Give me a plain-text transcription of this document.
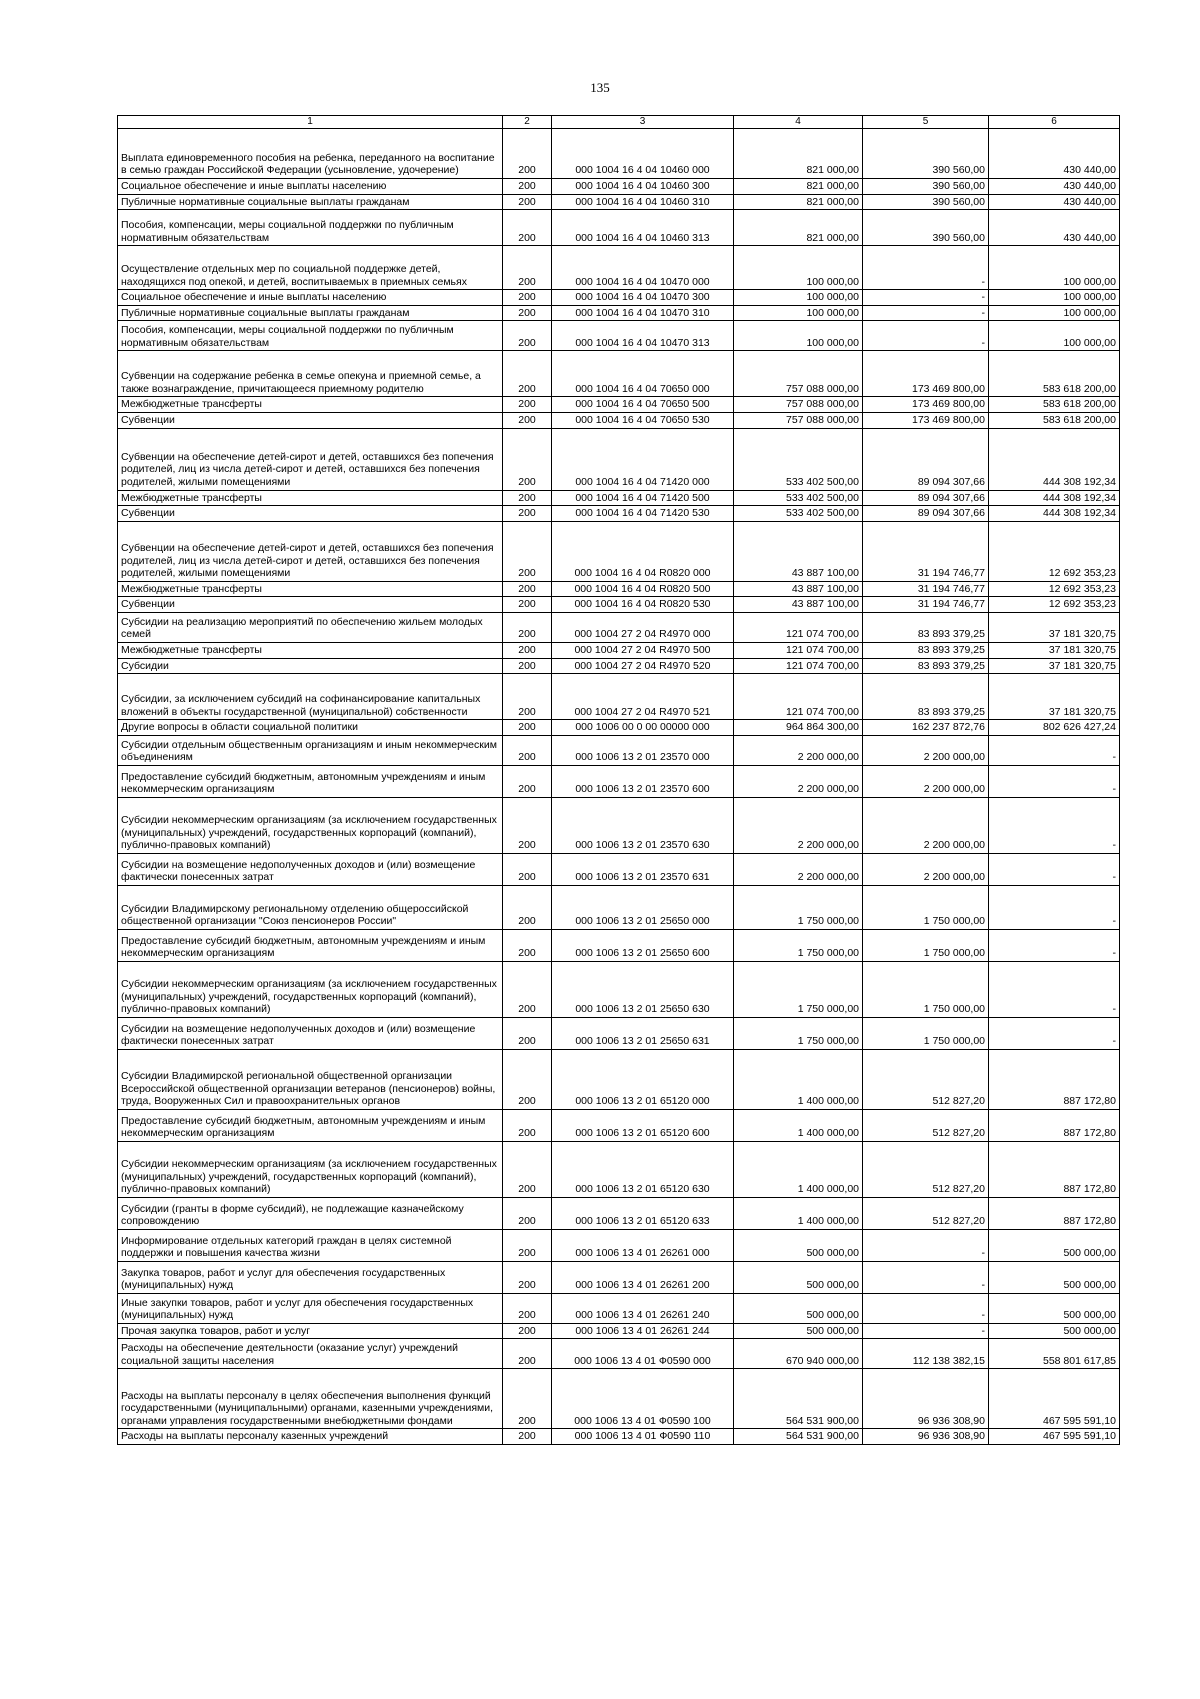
135
1	2	3	4	5	6
Выплата единовременного пособия на ребенка, переданного на воспитание в семью граждан Российской Федерации (усыновление, удочерение)	200	000 1004 16 4 04 10460 000	821 000,00	390 560,00	430 440,00
Социальное обеспечение и иные выплаты населению	200	000 1004 16 4 04 10460 300	821 000,00	390 560,00	430 440,00
Публичные нормативные социальные выплаты гражданам	200	000 1004 16 4 04 10460 310	821 000,00	390 560,00	430 440,00
Пособия, компенсации, меры социальной поддержки по публичным нормативным обязательствам	200	000 1004 16 4 04 10460 313	821 000,00	390 560,00	430 440,00
Осуществление отдельных мер по социальной поддержке детей, находящихся под опекой, и детей, воспитываемых в приемных семьях	200	000 1004 16 4 04 10470 000	100 000,00	-	100 000,00
Социальное обеспечение и иные выплаты населению	200	000 1004 16 4 04 10470 300	100 000,00	-	100 000,00
Публичные нормативные социальные выплаты гражданам	200	000 1004 16 4 04 10470 310	100 000,00	-	100 000,00
Пособия, компенсации, меры социальной поддержки по публичным нормативным обязательствам	200	000 1004 16 4 04 10470 313	100 000,00	-	100 000,00
Субвенции на содержание ребенка в семье опекуна и приемной семье, а также вознаграждение, причитающееся приемному родителю	200	000 1004 16 4 04 70650 000	757 088 000,00	173 469 800,00	583 618 200,00
Межбюджетные трансферты	200	000 1004 16 4 04 70650 500	757 088 000,00	173 469 800,00	583 618 200,00
Субвенции	200	000 1004 16 4 04 70650 530	757 088 000,00	173 469 800,00	583 618 200,00
Субвенции на обеспечение детей-сирот и детей, оставшихся без попечения родителей, лиц из числа детей-сирот и детей, оставшихся без попечения родителей, жилыми помещениями	200	000 1004 16 4 04 71420 000	533 402 500,00	89 094 307,66	444 308 192,34
Межбюджетные трансферты	200	000 1004 16 4 04 71420 500	533 402 500,00	89 094 307,66	444 308 192,34
Субвенции	200	000 1004 16 4 04 71420 530	533 402 500,00	89 094 307,66	444 308 192,34
Субвенции на обеспечение детей-сирот и детей, оставшихся без попечения родителей, лиц из числа детей-сирот и детей, оставшихся без попечения родителей, жилыми помещениями	200	000 1004 16 4 04 R0820 000	43 887 100,00	31 194 746,77	12 692 353,23
Межбюджетные трансферты	200	000 1004 16 4 04 R0820 500	43 887 100,00	31 194 746,77	12 692 353,23
Субвенции	200	000 1004 16 4 04 R0820 530	43 887 100,00	31 194 746,77	12 692 353,23
Субсидии на реализацию мероприятий по обеспечению жильем молодых семей	200	000 1004 27 2 04 R4970 000	121 074 700,00	83 893 379,25	37 181 320,75
Межбюджетные трансферты	200	000 1004 27 2 04 R4970 500	121 074 700,00	83 893 379,25	37 181 320,75
Субсидии	200	000 1004 27 2 04 R4970 520	121 074 700,00	83 893 379,25	37 181 320,75
Субсидии, за исключением субсидий на софинансирование капитальных вложений в объекты государственной (муниципальной) собственности	200	000 1004 27 2 04 R4970 521	121 074 700,00	83 893 379,25	37 181 320,75
Другие вопросы в области социальной политики	200	000 1006 00 0 00 00000 000	964 864 300,00	162 237 872,76	802 626 427,24
Субсидии отдельным общественным организациям и иным некоммерческим объединениям	200	000 1006 13 2 01 23570 000	2 200 000,00	2 200 000,00	-
Предоставление субсидий бюджетным, автономным учреждениям и иным некоммерческим организациям	200	000 1006 13 2 01 23570 600	2 200 000,00	2 200 000,00	-
Субсидии некоммерческим организациям (за исключением государственных (муниципальных) учреждений, государственных корпораций (компаний), публично-правовых компаний)	200	000 1006 13 2 01 23570 630	2 200 000,00	2 200 000,00	-
Субсидии на возмещение недополученных доходов и (или) возмещение фактически понесенных затрат	200	000 1006 13 2 01 23570 631	2 200 000,00	2 200 000,00	-
Субсидии Владимирскому региональному отделению общероссийской общественной организации "Союз пенсионеров России"	200	000 1006 13 2 01 25650 000	1 750 000,00	1 750 000,00	-
Предоставление субсидий бюджетным, автономным учреждениям и иным некоммерческим организациям	200	000 1006 13 2 01 25650 600	1 750 000,00	1 750 000,00	-
Субсидии некоммерческим организациям (за исключением государственных (муниципальных) учреждений, государственных корпораций (компаний), публично-правовых компаний)	200	000 1006 13 2 01 25650 630	1 750 000,00	1 750 000,00	-
Субсидии на возмещение недополученных доходов и (или) возмещение фактически понесенных затрат	200	000 1006 13 2 01 25650 631	1 750 000,00	1 750 000,00	-
Субсидии Владимирской региональной общественной организации Всероссийской общественной организации ветеранов (пенсионеров) войны, труда, Вооруженных Сил и правоохранительных органов	200	000 1006 13 2 01 65120 000	1 400 000,00	512 827,20	887 172,80
Предоставление субсидий бюджетным, автономным учреждениям и иным некоммерческим организациям	200	000 1006 13 2 01 65120 600	1 400 000,00	512 827,20	887 172,80
Субсидии некоммерческим организациям (за исключением государственных (муниципальных) учреждений, государственных корпораций (компаний), публично-правовых компаний)	200	000 1006 13 2 01 65120 630	1 400 000,00	512 827,20	887 172,80
Субсидии (гранты в форме субсидий), не подлежащие казначейскому сопровождению	200	000 1006 13 2 01 65120 633	1 400 000,00	512 827,20	887 172,80
Информирование отдельных категорий граждан в целях системной поддержки и повышения качества жизни	200	000 1006 13 4 01 26261 000	500 000,00	-	500 000,00
Закупка товаров, работ и услуг для обеспечения государственных (муниципальных) нужд	200	000 1006 13 4 01 26261 200	500 000,00	-	500 000,00
Иные закупки товаров, работ и услуг для обеспечения государственных (муниципальных) нужд	200	000 1006 13 4 01 26261 240	500 000,00	-	500 000,00
Прочая закупка товаров, работ и услуг	200	000 1006 13 4 01 26261 244	500 000,00	-	500 000,00
Расходы на обеспечение деятельности (оказание услуг) учреждений социальной защиты населения	200	000 1006 13 4 01 Ф0590 000	670 940 000,00	112 138 382,15	558 801 617,85
Расходы на выплаты персоналу в целях обеспечения выполнения функций государственными (муниципальными) органами, казенными учреждениями, органами управления государственными внебюджетными фондами	200	000 1006 13 4 01 Ф0590 100	564 531 900,00	96 936 308,90	467 595 591,10
Расходы на выплаты персоналу казенных учреждений	200	000 1006 13 4 01 Ф0590 110	564 531 900,00	96 936 308,90	467 595 591,10
